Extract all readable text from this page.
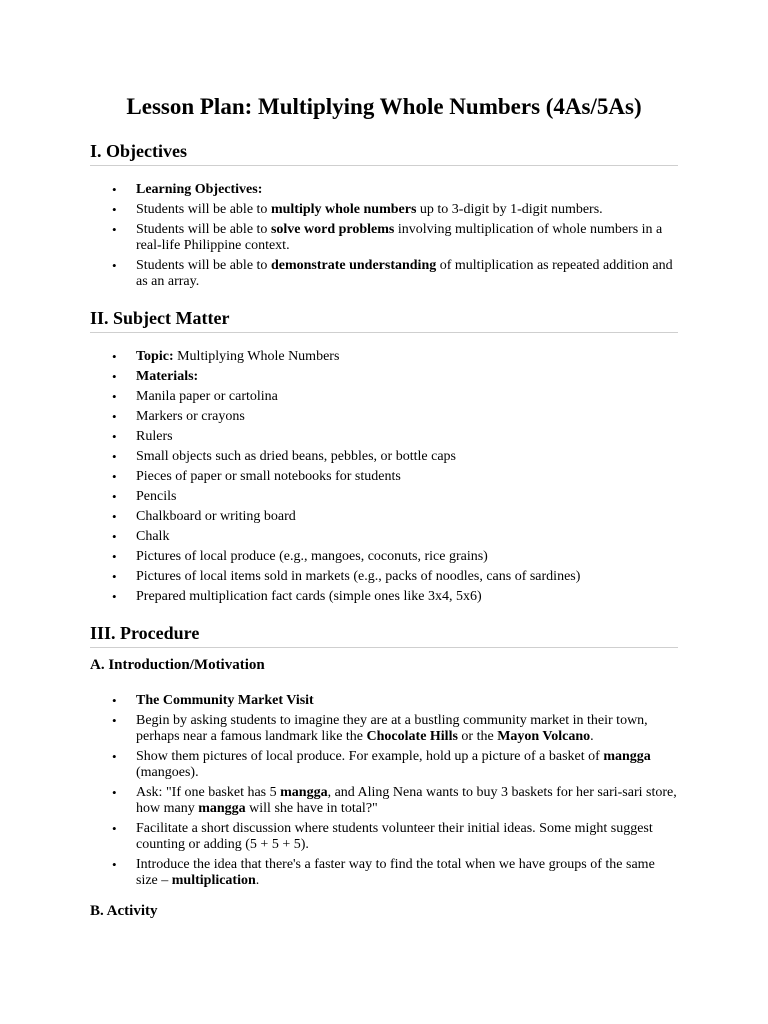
Lesson Plan: Multiplying Whole Numbers (4As/5As)
I. Objectives
• Learning Objectives:
• Students will be able to multiply whole numbers up to 3-digit by 1-digit numbers.
• Students will be able to solve word problems involving multiplication of whole numbers in a real-life Philippine context.
• Students will be able to demonstrate understanding of multiplication as repeated addition and as an array.
II. Subject Matter
• Topic: Multiplying Whole Numbers
• Materials:
• Manila paper or cartolina
• Markers or crayons
• Rulers
• Small objects such as dried beans, pebbles, or bottle caps
• Pieces of paper or small notebooks for students
• Pencils
• Chalkboard or writing board
• Chalk
• Pictures of local produce (e.g., mangoes, coconuts, rice grains)
• Pictures of local items sold in markets (e.g., packs of noodles, cans of sardines)
• Prepared multiplication fact cards (simple ones like 3x4, 5x6)
III. Procedure
A. Introduction/Motivation
• The Community Market Visit
• Begin by asking students to imagine they are at a bustling community market in their town, perhaps near a famous landmark like the Chocolate Hills or the Mayon Volcano.
• Show them pictures of local produce. For example, hold up a picture of a basket of mangga (mangoes).
• Ask: "If one basket has 5 mangga, and Aling Nena wants to buy 3 baskets for her sari-sari store, how many mangga will she have in total?"
• Facilitate a short discussion where students volunteer their initial ideas. Some might suggest counting or adding (5 + 5 + 5).
• Introduce the idea that there's a faster way to find the total when we have groups of the same size – multiplication.
B. Activity
